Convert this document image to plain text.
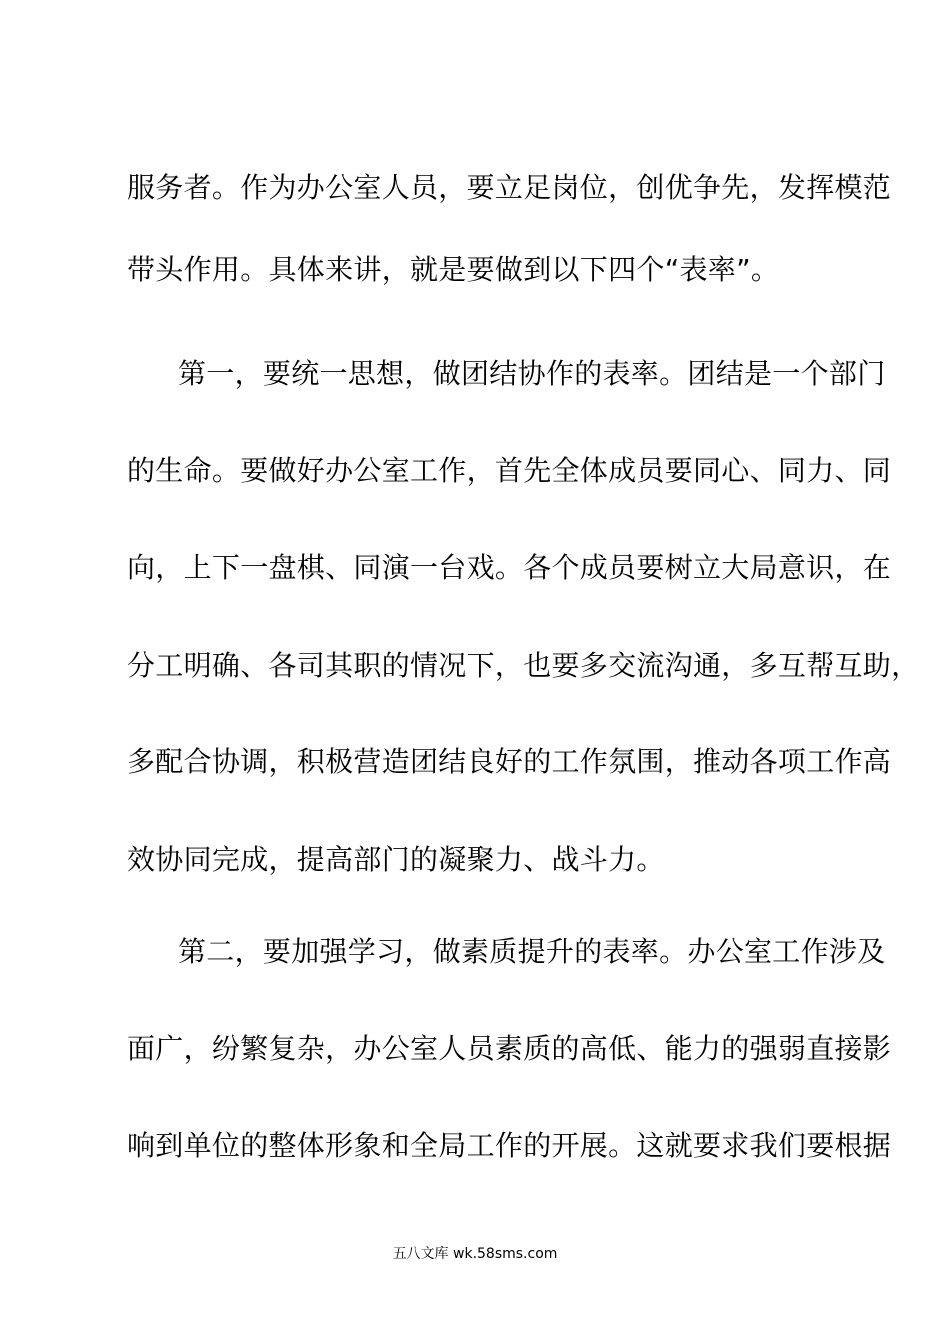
服务者。作为办公室人员，要立足岗位，创优争先，发挥模范
带头作用。具体来讲，就是要做到以下四个“表率”。
第一，要统一思想，做团结协作的表率。团结是一个部门
的生命。要做好办公室工作，首先全体成员要同心、同力、同
向，上下一盘棋、同演一台戏。各个成员要树立大局意识，在
分工明确、各司其职的情况下，也要多交流沟通，多互帮互助，
多配合协调，积极营造团结良好的工作氛围，推动各项工作高
效协同完成，提高部门的凝聚力、战斗力。
第二，要加强学习，做素质提升的表率。办公室工作涉及
面广，纷繁复杂，办公室人员素质的高低、能力的强弱直接影
响到单位的整体形象和全局工作的开展。这就要求我们要根据
五八文库 wk.58sms.com
